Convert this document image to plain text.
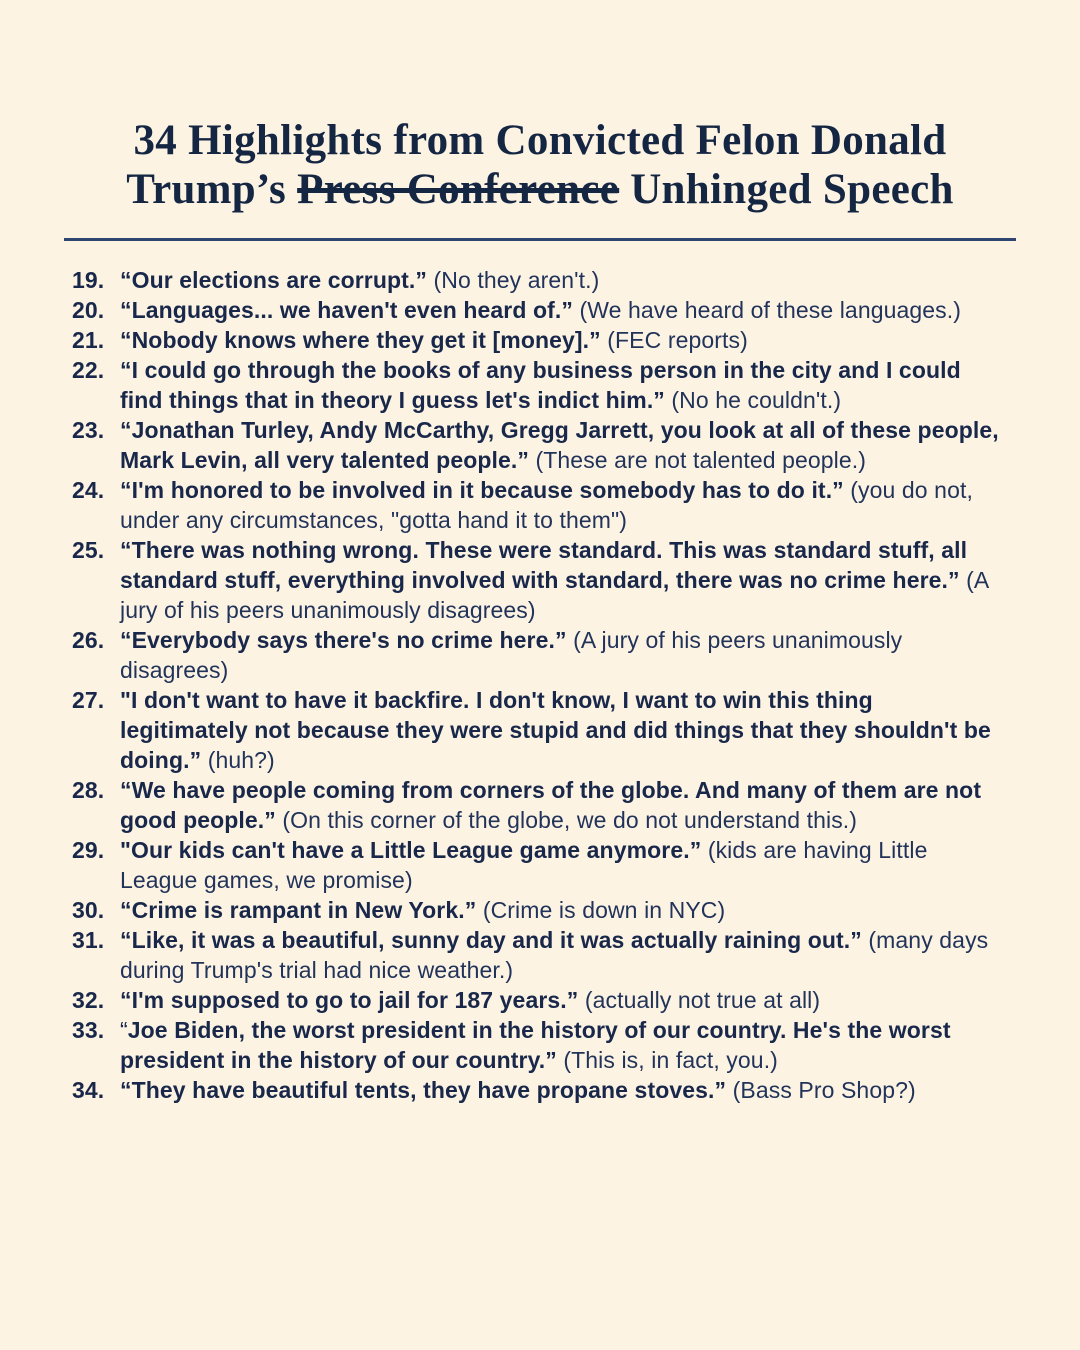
34 Highlights from Convicted Felon Donald
Trump’s Press Conference Unhinged Speech
19. “Our elections are corrupt.” (No they aren't.)
20. “Languages... we haven't even heard of.” (We have heard of these languages.)
21. “Nobody knows where they get it [money].” (FEC reports)
22. “I could go through the books of any business person in the city and I could find things that in theory I guess let's indict him.” (No he couldn't.)
23. “Jonathan Turley, Andy McCarthy, Gregg Jarrett, you look at all of these people, Mark Levin, all very talented people.” (These are not talented people.)
24. “I'm honored to be involved in it because somebody has to do it.” (you do not, under any circumstances, "gotta hand it to them")
25. “There was nothing wrong. These were standard. This was standard stuff, all standard stuff, everything involved with standard, there was no crime here.” (A jury of his peers unanimously disagrees)
26. “Everybody says there's no crime here.” (A jury of his peers unanimously disagrees)
27. "I don't want to have it backfire. I don't know, I want to win this thing legitimately not because they were stupid and did things that they shouldn't be doing.” (huh?)
28. “We have people coming from corners of the globe. And many of them are not good people.” (On this corner of the globe, we do not understand this.)
29. "Our kids can't have a Little League game anymore.” (kids are having Little League games, we promise)
30. “Crime is rampant in New York.” (Crime is down in NYC)
31. “Like, it was a beautiful, sunny day and it was actually raining out.” (many days during Trump's trial had nice weather.)
32. “I'm supposed to go to jail for 187 years.” (actually not true at all)
33. “Joe Biden, the worst president in the history of our country. He's the worst president in the history of our country.” (This is, in fact, you.)
34. “They have beautiful tents, they have propane stoves.” (Bass Pro Shop?)
